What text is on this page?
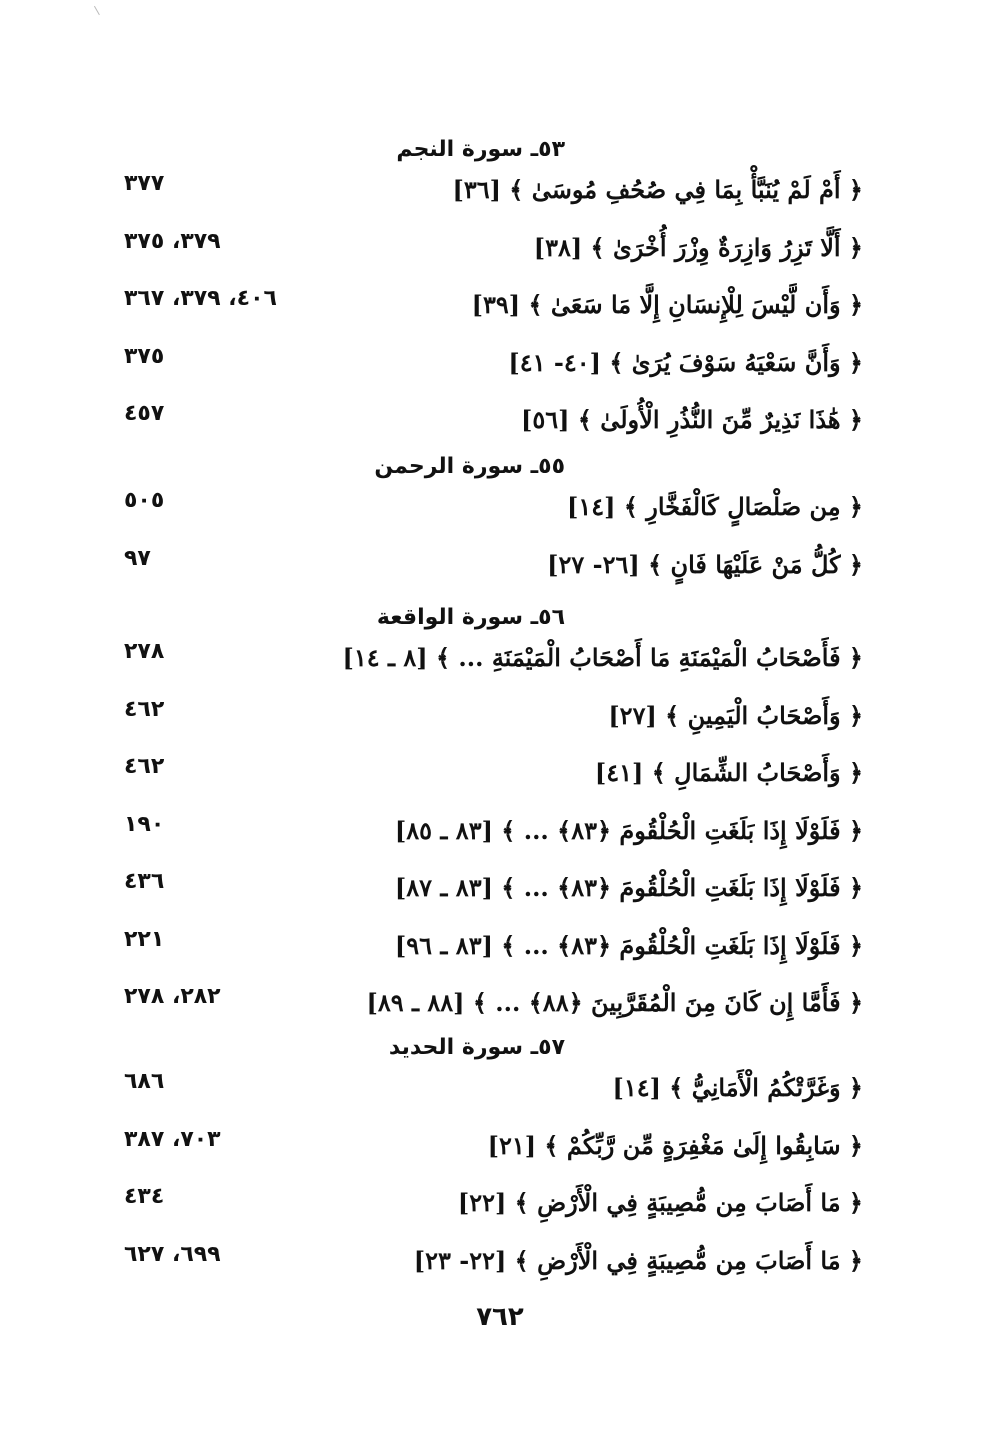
٥٣ـ سورة النجم
﴿ أَمْ لَمْ يُنَبَّأْ بِمَا فِي صُحُفِ مُوسَىٰ ﴾ [٣٦]
٣٧٧
﴿ أَلَّا تَزِرُ وَازِرَةٌ وِزْرَ أُخْرَىٰ ﴾ [٣٨]
٣٧٩، ٣٧٥
﴿ وَأَن لَّيْسَ لِلْإِنسَانِ إِلَّا مَا سَعَىٰ ﴾ [٣٩]
٤٠٦، ٣٧٩، ٣٦٧
﴿ وَأَنَّ سَعْيَهُ سَوْفَ يُرَىٰ ﴾ [٤٠- ٤١]
٣٧٥
﴿ هَٰذَا نَذِيرٌ مِّنَ النُّذُرِ الْأُولَىٰ ﴾ [٥٦]
٤٥٧
٥٥ـ سورة الرحمن
﴿ مِن صَلْصَالٍ كَالْفَخَّارِ ﴾ [١٤]
٥٠٥
﴿ كُلُّ مَنْ عَلَيْهَا فَانٍ ﴾ [٢٦- ٢٧]
٩٧
٥٦ـ سورة الواقعة
﴿ فَأَصْحَابُ الْمَيْمَنَةِ مَا أَصْحَابُ الْمَيْمَنَةِ ... ﴾ [٨ ـ ١٤]
٢٧٨
﴿ وَأَصْحَابُ الْيَمِينِ ﴾ [٢٧]
٤٦٢
﴿ وَأَصْحَابُ الشِّمَالِ ﴾ [٤١]
٤٦٢
﴿ فَلَوْلَا إِذَا بَلَغَتِ الْحُلْقُومَ ﴿٨٣﴾ ... ﴾ [٨٣ ـ ٨٥]
١٩٠
﴿ فَلَوْلَا إِذَا بَلَغَتِ الْحُلْقُومَ ﴿٨٣﴾ ... ﴾ [٨٣ ـ ٨٧]
٤٣٦
﴿ فَلَوْلَا إِذَا بَلَغَتِ الْحُلْقُومَ ﴿٨٣﴾ ... ﴾ [٨٣ ـ ٩٦]
٢٢١
﴿ فَأَمَّا إِن كَانَ مِنَ الْمُقَرَّبِينَ ﴿٨٨﴾ ... ﴾ [٨٨ ـ ٨٩]
٢٨٢، ٢٧٨
٥٧ـ سورة الحديد
﴿ وَغَرَّتْكُمُ الْأَمَانِيُّ ﴾ [١٤]
٦٨٦
﴿ سَابِقُوا إِلَىٰ مَغْفِرَةٍ مِّن رَّبِّكُمْ ﴾ [٢١]
٧٠٣، ٣٨٧
﴿ مَا أَصَابَ مِن مُّصِيبَةٍ فِي الْأَرْضِ ﴾ [٢٢]
٤٣٤
﴿ مَا أَصَابَ مِن مُّصِيبَةٍ فِي الْأَرْضِ ﴾ [٢٢- ٢٣]
٦٩٩، ٦٢٧
٧٦٢
